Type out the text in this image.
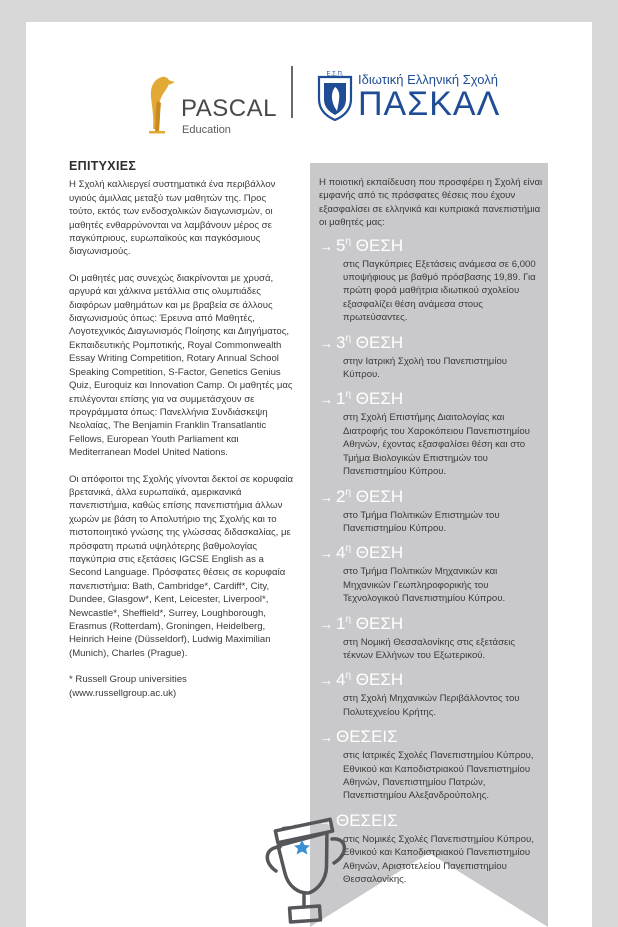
PASCAL
Education
Ε.Σ.Π. Ιδιωτική Ελληνική Σχολή
ΠΑΣΚΑΛ
ΕΠΙΤΥΧΙΕΣ

Η Σχολή καλλιεργεί συστηματικά ένα περιβάλλον υγιούς άμιλλας μεταξύ των μαθητών της. Προς τούτο, εκτός των ενδοσχολικών διαγωνισμών, οι μαθητές ενθαρρύνονται να λαμβάνουν μέρος σε παγκύπριους, ευρωπαϊκούς και παγκόσμιους διαγωνισμούς.

Οι μαθητές μας συνεχώς διακρίνονται με χρυσά, αργυρά και χάλκινα μετάλλια στις ολυμπιάδες διαφόρων μαθημάτων και με βραβεία σε άλλους διαγωνισμούς όπως: Έρευνα από Μαθητές, Λογοτεχνικός Διαγωνισμός Ποίησης και Διηγήματος, Εκπαιδευτικής Ρομποτικής, Royal Commonwealth Essay Writing Competition, Rotary Annual School Speaking Competition, S-Factor, Genetics Genius Quiz, Euroquiz και Innovation Camp. Οι μαθητές μας επιλέγονται επίσης για να συμμετάσχουν σε προγράμματα όπως: Πανελλήνια Συνδιάσκεψη Νεολαίας, The Benjamin Franklin Transatlantic Fellows, European Youth Parliament και Mediterranean Model United Nations.

Οι απόφοιτοι της Σχολής γίνονται δεκτοί σε κορυφαία βρετανικά, άλλα ευρωπαϊκά, αμερικανικά πανεπιστήμια, καθώς επίσης πανεπιστήμια άλλων χωρών με βάση το Απολυτήριο της Σχολής και το πιστοποιητικό γνώσης της γλώσσας διδασκαλίας, με πρόσφατη πρωτιά υψηλότερης βαθμολογίας παγκύπρια στις εξετάσεις IGCSE English as a Second Language. Πρόσφατες θέσεις σε κορυφαία πανεπιστήμια: Bath, Cambridge*, Cardiff*, City, Dundee, Glasgow*, Kent, Leicester, Liverpool*, Newcastle*, Sheffield*, Surrey, Loughborough, Erasmus (Rotterdam), Groningen, Heidelberg, Heinrich Heine (Düsseldorf), Ludwig Maximilian (Munich), Charles (Prague).

* Russell Group universities
(www.russellgroup.ac.uk)

Η ποιοτική εκπαίδευση που προσφέρει η Σχολή είναι εμφανής από τις πρόσφατες θέσεις που έχουν εξασφαλίσει σε ελληνικά και κυπριακά πανεπιστήμια οι μαθητές μας:

→ $5^\eta$ ΘΕΣΗ
στις Παγκύπριες Εξετάσεις ανάμεσα σε 6,000 υποψήφιους με βαθμό πρόσβασης 19,89. Για πρώτη φορά μαθήτρια ιδιωτικού σχολείου εξασφαλίζει θέση ανάμεσα στους πρωτεύσαντες.
→ $3^\eta$ ΘΕΣΗ
στην Ιατρική Σχολή του Πανεπιστημίου Κύπρου.
→ $1^\eta$ ΘΕΣΗ
στη Σχολή Επιστήμης Διαιτολογίας και Διατροφής του Χαροκόπειου Πανεπιστημίου Αθηνών, έχοντας εξασφαλίσει θέση και στο Τμήμα Βιολογικών Επιστημών του Πανεπιστημίου Κύπρου.
→ $2^\eta$ ΘΕΣΗ
στο Τμήμα Πολιτικών Επιστημών του Πανεπιστημίου Κύπρου.
→ $4^\eta$ ΘΕΣΗ
στο Τμήμα Πολιτικών Μηχανικών και Μηχανικών Γεωπληροφορικής του Τεχνολογικού Πανεπιστημίου Κύπρου.
→ $1^\eta$ ΘΕΣΗ
στη Νομική Θεσσαλονίκης στις εξετάσεις τέκνων Ελλήνων του Εξωτερικού.
→ $4^\eta$ ΘΕΣΗ
στη Σχολή Μηχανικών Περιβάλλοντος του Πολυτεχνείου Κρήτης.
→ ΘΕΣΕΙΣ
στις Ιατρικές Σχολές Πανεπιστημίου Κύπρου, Εθνικού και Καποδιστριακού Πανεπιστημίου Αθηνών, Πανεπιστημίου Πατρών, Πανεπιστημίου Αλεξανδρούπολης.
→ ΘΕΣΕΙΣ
στις Νομικές Σχολές Πανεπιστημίου Κύπρου, Εθνικού και Καποδιστριακού Πανεπιστημίου Αθηνών, Αριστοτελείου Πανεπιστημίου Θεσσαλονίκης.
